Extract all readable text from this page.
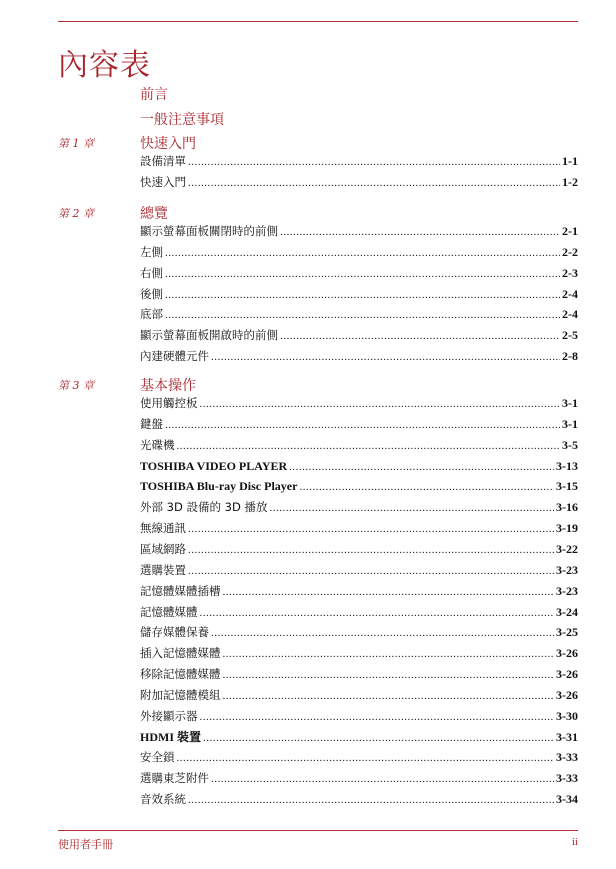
內容表
前言
一般注意事項
第 1 章	快速入門
設備清單 .....	1-1
快速入門 .....	1-2
第 2 章	總覽
顯示螢幕面板關閉時的前側 .....	2-1
左側 .....	2-2
右側 .....	2-3
後側 .....	2-4
底部 .....	2-4
顯示螢幕面板開啟時的前側 .....	2-5
內建硬體元件 .....	2-8
第 3 章	基本操作
使用觸控板 .....	3-1
鍵盤 .....	3-1
光碟機 .....	3-5
TOSHIBA VIDEO PLAYER .....	3-13
TOSHIBA Blu-ray Disc Player .....	3-15
外部 3D 設備的 3D 播放 .....	3-16
無線通訊 .....	3-19
區域網路 .....	3-22
選購裝置 .....	3-23
記憶體媒體插槽 .....	3-23
記憶體媒體 .....	3-24
儲存媒體保養 .....	3-25
插入記憶體媒體 .....	3-26
移除記憶體媒體 .....	3-26
附加記憶體模組 .....	3-26
外接顯示器 .....	3-30
HDMI 裝置 .....	3-31
安全鎖 .....	3-33
選購東芝附件 .....	3-33
音效系統 .....	3-34
使用者手冊	ii
